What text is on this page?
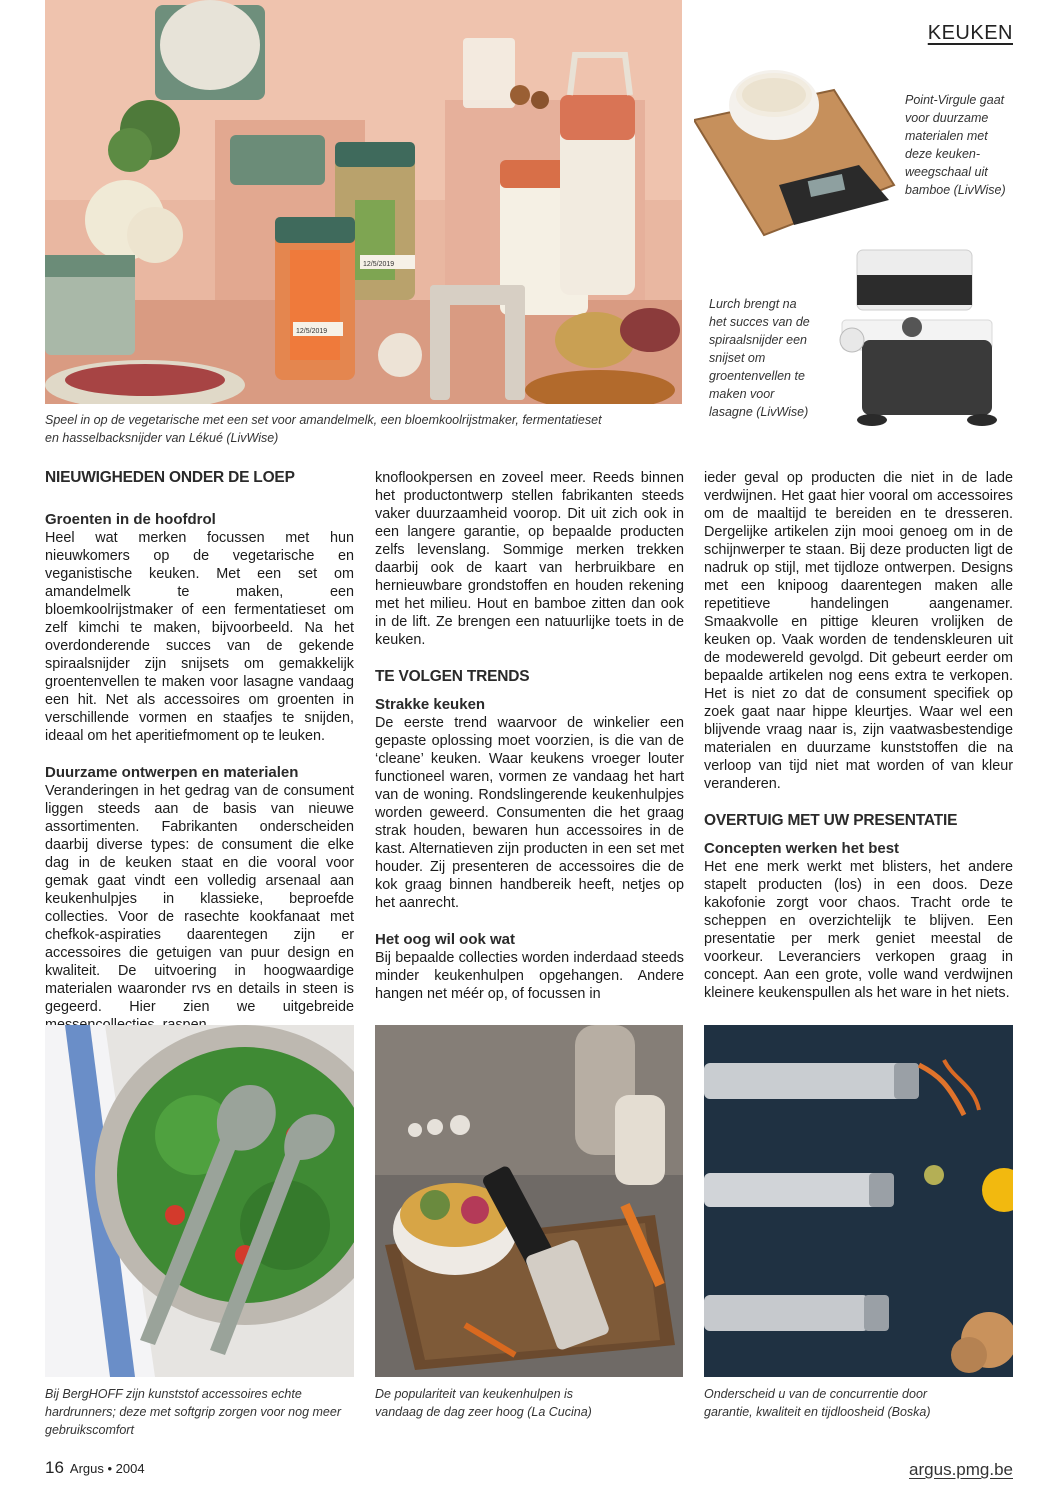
KEUKEN
12/5/2019
12/5/2019
Speel in op de vegetarische met een set voor amandelmelk, een bloemkoolrijstmaker, fermentatieset en hasselbacksnijder van Lékué (LivWise)
Point-Virgule gaat voor duurzame materialen met deze keuken-weegschaal uit bamboe (LivWise)
Lurch brengt na het succes van de spiraalsnijder een snijset om groentenvellen te maken voor lasagne (LivWise)
NIEUWIGHEDEN ONDER DE LOEP
Groenten in de hoofdrol

Heel wat merken focussen met hun nieuwkomers op de vegetarische en veganistische keuken. Met een set om amandelmelk te maken, een bloemkoolrijstmaker of een fermentatieset om zelf kimchi te maken, bijvoorbeeld. Na het overdonderende succes van de gekende spiraalsnijder zijn snijsets om gemakkelijk groentenvellen te maken voor lasagne vandaag een hit. Net als accessoires om groenten in verschillende vormen en staafjes te snijden, ideaal om het aperitiefmoment op te leuken.

Duurzame ontwerpen en materialen

Veranderingen in het gedrag van de consument liggen steeds aan de basis van nieuwe assortimenten. Fabrikanten onderscheiden daarbij diverse types: de consument die elke dag in de keuken staat en die vooral voor gemak gaat vindt een volledig arsenaal aan keukenhulpjes in klassieke, beproefde collecties. Voor de rasechte kookfanaat met chefkok-aspiraties daarentegen zijn er accessoires die getuigen van puur design en kwaliteit. De uitvoering in hoogwaardige materialen waaronder rvs en details in steen is gegeerd. Hier zien we uitgebreide

knoflookpersen en zoveel meer. Reeds binnen het productontwerp stellen fabrikanten steeds vaker duurzaamheid voorop. Dit uit zich ook in een langere garantie, op bepaalde producten zelfs levenslang. Sommige merken trekken daarbij ook de kaart van herbruikbare en hernieuwbare grondstoffen en houden rekening met het milieu. Hout en bamboe zitten dan ook in de lift. Ze brengen een natuurlijke toets in de keuken.

TE VOLGEN TRENDS
Strakke keuken

De eerste trend waarvoor de winkelier een gepaste oplossing moet voorzien, is die van de ‘cleane’ keuken. Waar keukens vroeger louter functioneel waren, vormen ze vandaag het hart van de woning. Rondslingerende keukenhulpjes worden geweerd. Consumenten die het graag strak houden, bewaren hun accessoires in de kast. Alternatieven zijn producten in een set met houder. Zij presenteren de accessoires die de kok graag binnen handbereik heeft, netjes op het aanrecht.

Het oog wil ook wat

Bij bepaalde collecties worden inderdaad steeds minder keukenhulpen opgehangen. Andere hangen net méér op, of focussen in

ieder geval op producten die niet in de lade verdwijnen. Het gaat hier vooral om accessoires om de maaltijd te bereiden en te dresseren. Dergelijke artikelen zijn mooi genoeg om in de schijnwerper te staan. Bij deze producten ligt de nadruk op stijl, met tijdloze ontwerpen. Designs met een knipoog daarentegen maken alle repetitieve handelingen aangenamer. Smaakvolle en pittige kleuren vrolijken de keuken op. Vaak worden de tendenskleuren uit de modewereld gevolgd. Dit gebeurt eerder om bepaalde artikelen nog eens extra te verkopen. Het is niet zo dat de consument specifiek op zoek gaat naar hippe kleurtjes. Waar wel een blijvende vraag naar is, zijn vaatwasbestendige materialen en duurzame kunststoffen die na verloop van tijd niet mat worden of van kleur veranderen.

OVERTUIG MET UW PRESENTATIE
Concepten werken het best

Het ene merk werkt met blisters, het andere stapelt producten (los) in een doos. Deze kakofonie zorgt voor chaos. Tracht orde te scheppen en overzichtelijk te blijven. Een presentatie per merk geniet meestal de voorkeur. Leveranciers verkopen graag in concept. Aan een grote, volle wand verdwijnen kleinere keukenspullen als het ware in het niets.

Bij BergHOFF zijn kunststof accessoires echte hardrunners; deze met softgrip zorgen voor nog meer gebruikscomfort
De populariteit van keukenhulpen is vandaag de dag zeer hoog (La Cucina)
Onderscheid u van de concurrentie door garantie, kwaliteit en tijdloosheid (Boska)
16 Argus • 2004	argus.pmg.be
